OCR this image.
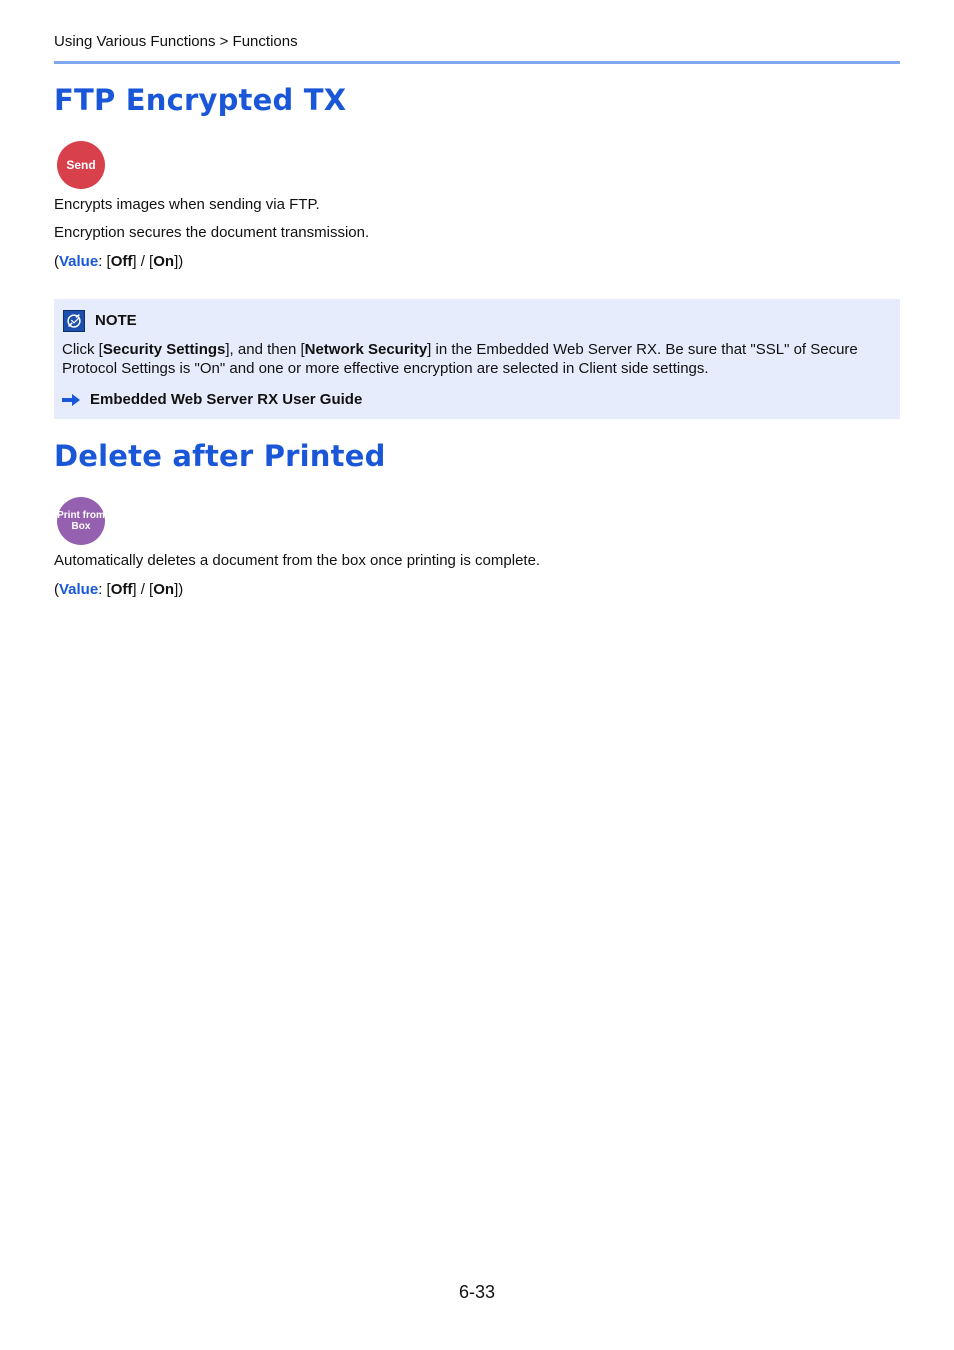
Using Various Functions > Functions
FTP Encrypted TX
Send
Encrypts images when sending via FTP.
Encryption secures the document transmission.
(Value: [Off] / [On])
NOTE
Click [Security Settings], and then [Network Security] in the Embedded Web Server RX. Be sure that "SSL" of Secure Protocol Settings is "On" and one or more effective encryption are selected in Client side settings.
Embedded Web Server RX User Guide
Delete after Printed
Print from
Box
Automatically deletes a document from the box once printing is complete.
(Value: [Off] / [On])
6-33
